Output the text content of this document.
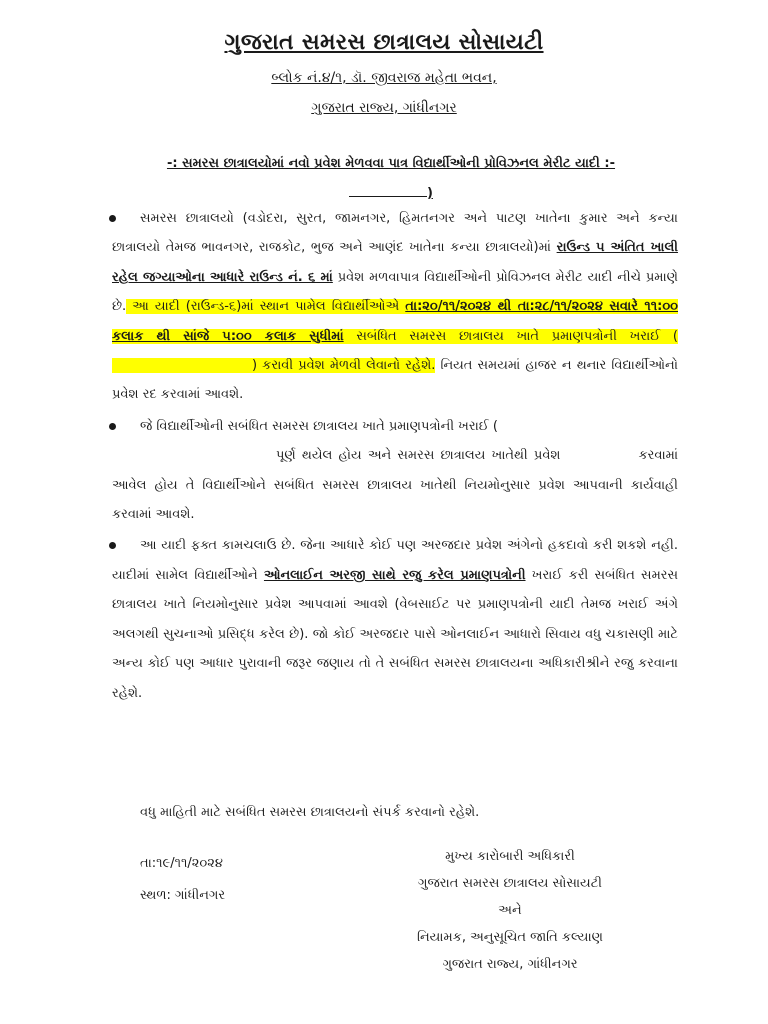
ગુજરાત સમરસ છાત્રાલય સોસાયટી
બ્લોક નં.૪/૧, ડૉ. જીવરાજ મહેતા ભવન,
ગુજરાત રાજ્ય, ગાંધીનગર
-: સમરસ છાત્રાલયોમાં નવો પ્રવેશ મેળવવા પાત્ર વિદ્યાર્થીઓની પ્રોવિઝનલ મેરીટ યાદી :-
)

સમરસ છાત્રાલયો (વડોદરા, સુરત, જામનગર, હિમતનગર અને પાટણ ખાતેના કુમાર અને કન્યા છાત્રાલયો તેમજ ભાવનગર, રાજકોટ, ભુજ અને આણંદ ખાતેના કન્યા છાત્રાલયો)માં રાઉન્ડ ૫ અંતિત ખાલી રહેલ જગ્યાઓના આધારે રાઉન્ડ નં. ૬ માં પ્રવેશ મળવાપાત્ર વિદ્યાર્થીઓની પ્રોવિઝનલ મેરીટ યાદી નીચે પ્રમાણે છે. આ યાદી (રાઉન્ડ-૬)માં સ્થાન પામેલ વિદ્યાર્થીઓએ તા:૨૦/૧૧/૨૦૨૪ થી તા:૨૮/૧૧/૨૦૨૪ સવારે ૧૧:૦૦ કલાક થી સાંજે ૫:૦૦ કલાક સુધીમાં સબંધિત સમરસ છાત્રાલય ખાતે પ્રમાણપત્રોની ખરાઈ () કરાવી પ્રવેશ મેળવી લેવાનો રહેશે. નિયત સમયમાં હાજર ન થનાર વિદ્યાર્થીઓનો પ્રવેશ રદ કરવામાં આવશે.

જે વિદ્યાર્થીઓની સબંધિત સમરસ છાત્રાલય ખાતે પ્રમાણપત્રોની ખરાઈ (
પૂર્ણ થયેલ હોય અને સમરસ છાત્રાલય ખાતેથી પ્રવેશ	કરવામાં આવેલ હોય તે વિદ્યાર્થીઓને સબંધિત સમરસ છાત્રાલય ખાતેથી નિયમોનુસાર પ્રવેશ આપવાની કાર્યવાહી કરવામાં આવશે.

આ યાદી ફક્ત કામચલાઉ છે. જેના આધારે કોઈ પણ અરજદાર પ્રવેશ અંગેનો હકદાવો કરી શકશે નહી. યાદીમાં સામેલ વિદ્યાર્થીઓને ઓનલાઈન અરજી સાથે રજુ કરેલ પ્રમાણપત્રોની ખરાઈ કરી સબંધિત સમરસ છાત્રાલય ખાતે નિયમોનુસાર પ્રવેશ આપવામાં આવશે (વેબસાઈટ પર પ્રમાણપત્રોની યાદી તેમજ ખરાઈ અંગે અલગથી સુચનાઓ પ્રસિદ્ધ કરેલ છે). જો કોઈ અરજદાર પાસે ઓનલાઈન આધારો સિવાય વધુ ચકાસણી માટે અન્ય કોઈ પણ આધાર પુરાવાની જરૂર જણાય તો તે સબંધિત સમરસ છાત્રાલયના અધિકારીશ્રીને રજુ કરવાના રહેશે.

વધુ માહિતી માટે સબંધિત સમરસ છાત્રાલયનો સંપર્ક કરવાનો રહેશે.
તા:૧૯/૧૧/૨૦૨૪
સ્થળ: ગાંધીનગર
મુખ્ય કારોબારી અધિકારી
ગુજરાત સમરસ છાત્રાલય સોસાયટી
અને
નિયામક, અનુસૂચિત જાતિ કલ્યાણ
ગુજરાત રાજ્ય, ગાંધીનગર
